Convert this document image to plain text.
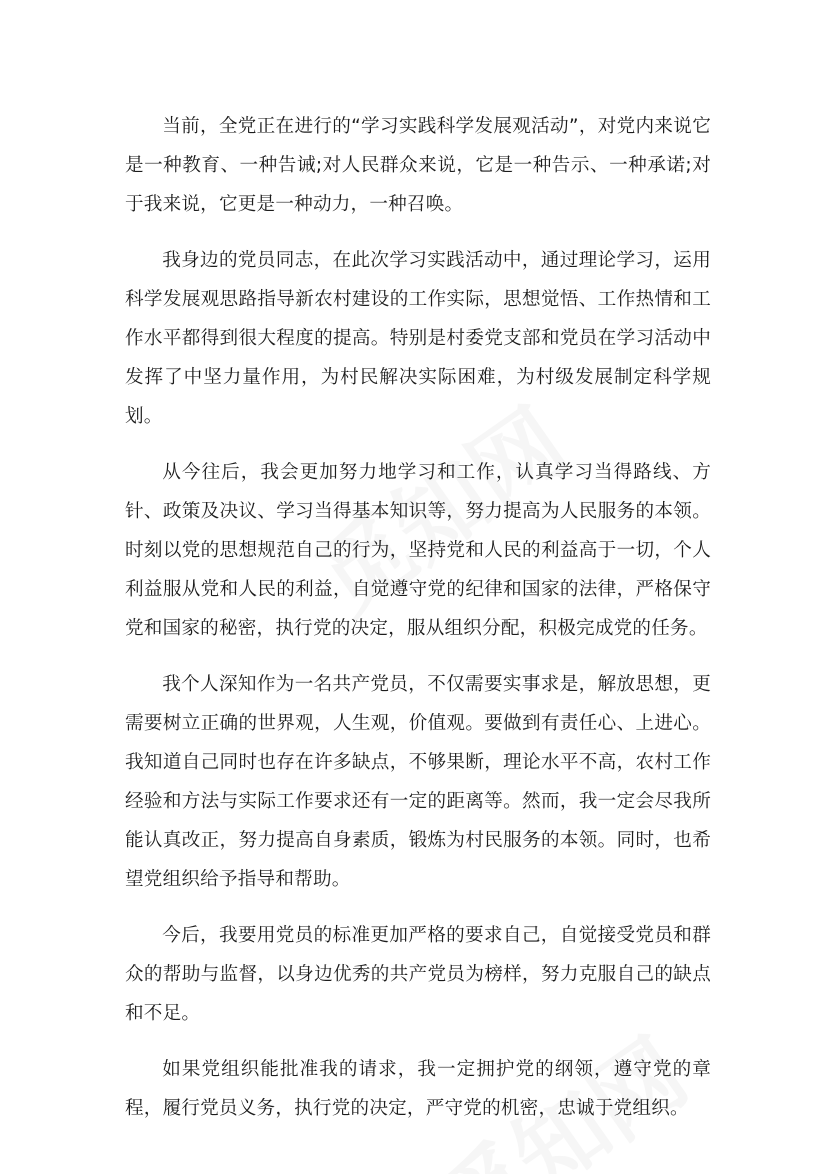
当前，全党正在进行的“学习实践科学发展观活动”，对党内来说它是一种教育、一种告诫;对人民群众来说，它是一种告示、一种承诺;对于我来说，它更是一种动力，一种召唤。

我身边的党员同志，在此次学习实践活动中，通过理论学习，运用科学发展观思路指导新农村建设的工作实际，思想觉悟、工作热情和工作水平都得到很大程度的提高。特别是村委党支部和党员在学习活动中发挥了中坚力量作用，为村民解决实际困难，为村级发展制定科学规划。

从今往后，我会更加努力地学习和工作，认真学习当得路线、方针、政策及决议、学习当得基本知识等，努力提高为人民服务的本领。时刻以党的思想规范自己的行为，坚持党和人民的利益高于一切，个人利益服从党和人民的利益，自觉遵守党的纪律和国家的法律，严格保守党和国家的秘密，执行党的决定，服从组织分配，积极完成党的任务。

我个人深知作为一名共产党员，不仅需要实事求是，解放思想，更需要树立正确的世界观，人生观，价值观。要做到有责任心、上进心。我知道自己同时也存在许多缺点，不够果断，理论水平不高，农村工作经验和方法与实际工作要求还有一定的距离等。然而，我一定会尽我所能认真改正，努力提高自身素质，锻炼为村民服务的本领。同时，也希望党组织给予指导和帮助。

今后，我要用党员的标准更加严格的要求自己，自觉接受党员和群众的帮助与监督，以身边优秀的共产党员为榜样，努力克服自己的缺点和不足。

如果党组织能批准我的请求，我一定拥护党的纲领，遵守党的章程，履行党员义务，执行党的决定，严守党的机密，忠诚于党组织。
